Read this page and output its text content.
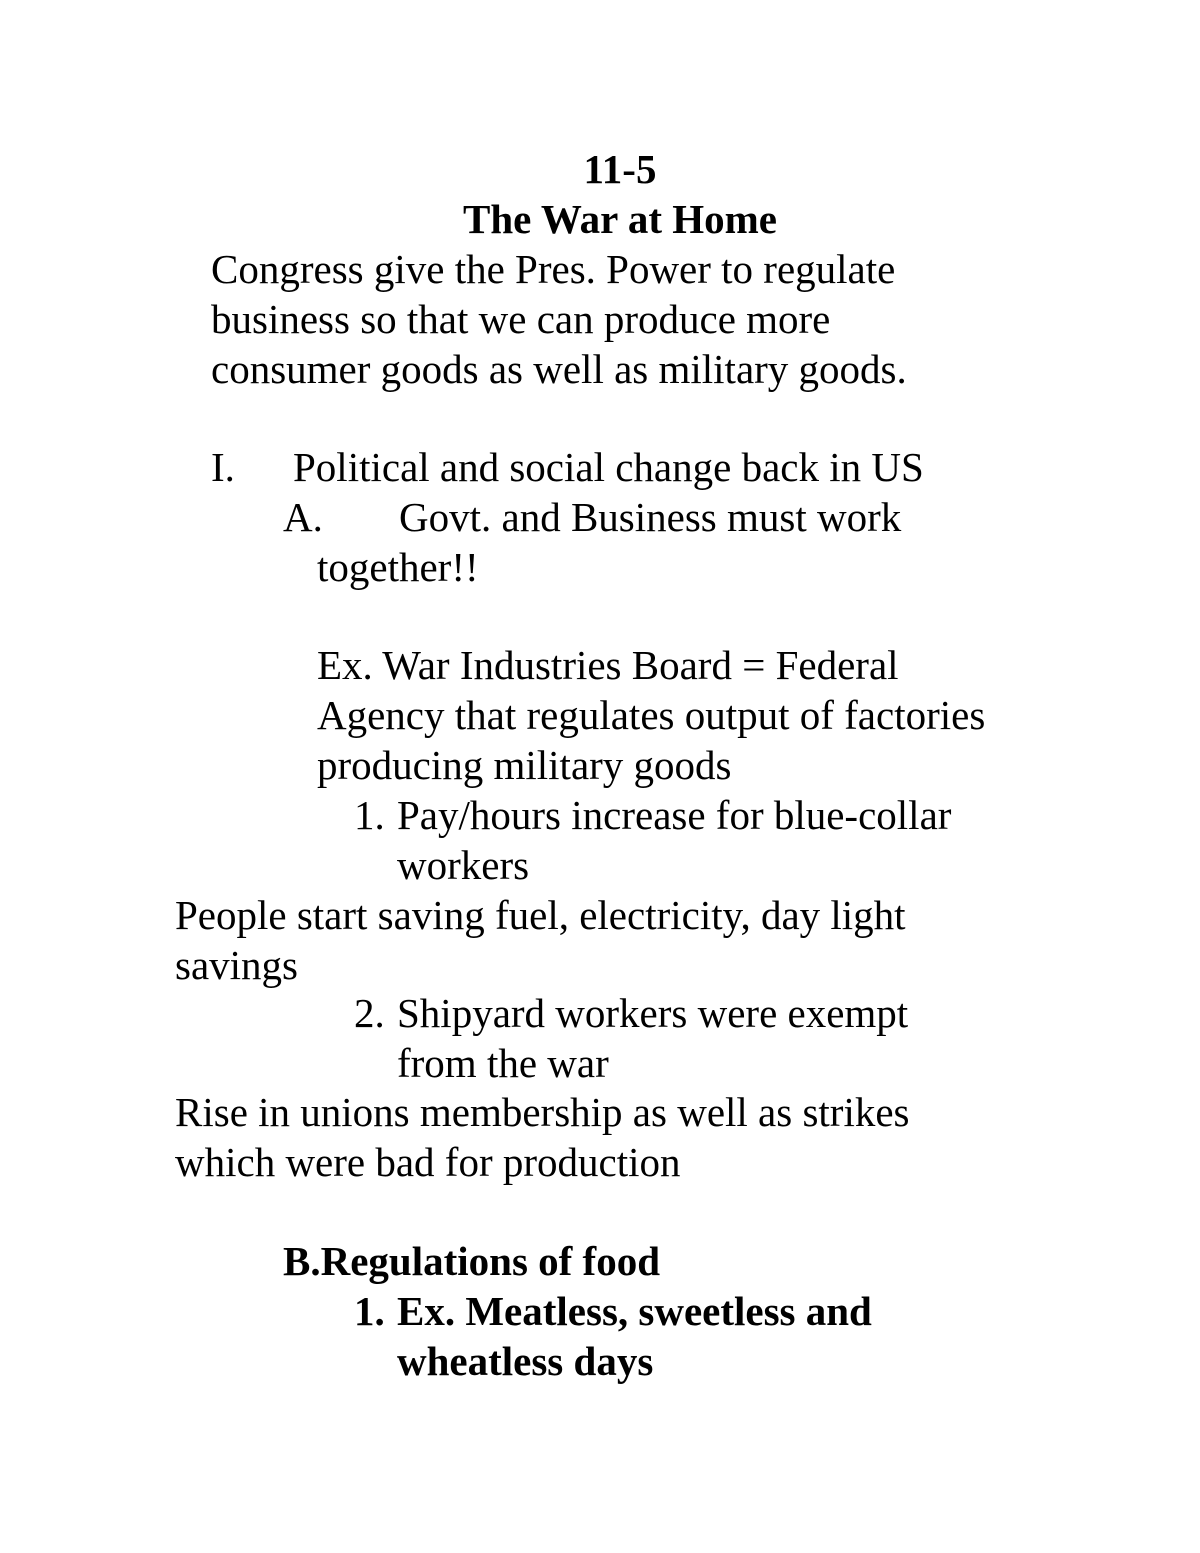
11-5
The War at Home
Congress give the Pres. Power to regulate
business so that we can produce more
consumer goods as well as military goods.
I. Political and social change back in US
A. Govt. and Business must work
together!!
Ex. War Industries Board = Federal
Agency that regulates output of factories
producing military goods
1. Pay/hours increase for blue-collar
workers
People start saving fuel, electricity, day light
savings
2. Shipyard workers were exempt
from the war
Rise in unions membership as well as strikes
which were bad for production
B.Regulations of food
1. Ex. Meatless, sweetless and
wheatless days
